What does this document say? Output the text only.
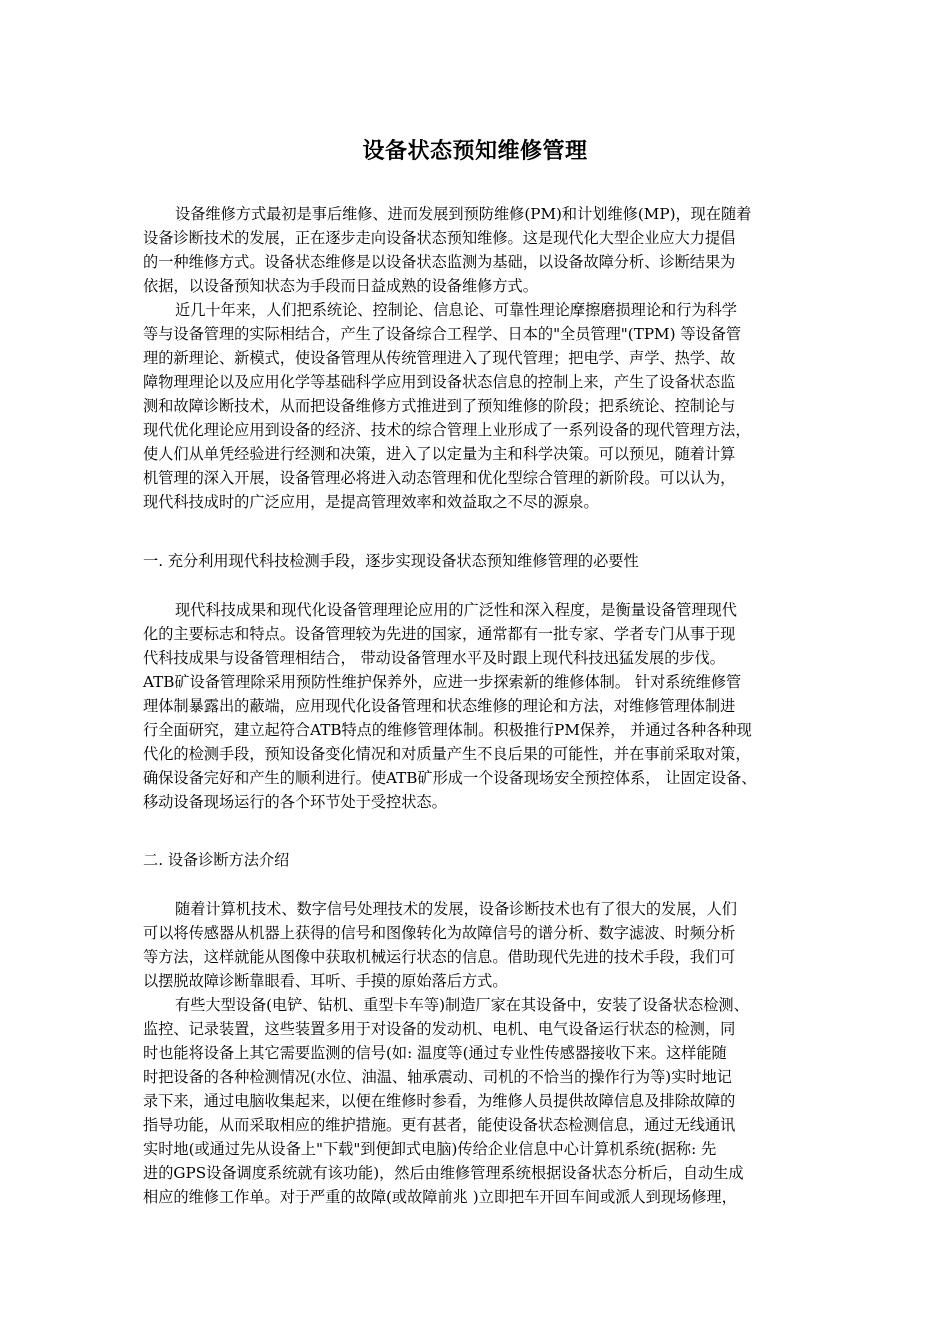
设备状态预知维修管理
设备维修方式最初是事后维修、进而发展到预防维修(PM)和计划维修(MP)，现在随着
设备诊断技术的发展，正在逐步走向设备状态预知维修。这是现代化大型企业应大力提倡
的一种维修方式。设备状态维修是以设备状态监测为基础，以设备故障分析、诊断结果为
依据，以设备预知状态为手段而日益成熟的设备维修方式。
近几十年来，人们把系统论、控制论、信息论、可靠性理论摩擦磨损理论和行为科学
等与设备管理的实际相结合，产生了设备综合工程学、日本的"全员管理"(TPM) 等设备管
理的新理论、新模式，使设备管理从传统管理进入了现代管理；把电学、声学、热学、故
障物理理论以及应用化学等基础科学应用到设备状态信息的控制上来，产生了设备状态监
测和故障诊断技术，从而把设备维修方式推进到了预知维修的阶段；把系统论、控制论与
现代优化理论应用到设备的经济、技术的综合管理上业形成了一系列设备的现代管理方法，
使人们从单凭经验进行经测和决策，进入了以定量为主和科学决策。可以预见，随着计算
机管理的深入开展，设备管理必将进入动态管理和优化型综合管理的新阶段。可以认为，
现代科技成时的广泛应用，是提高管理效率和效益取之不尽的源泉。
一. 充分利用现代科技检测手段，逐步实现设备状态预知维修管理的必要性
现代科技成果和现代化设备管理理论应用的广泛性和深入程度，是衡量设备管理现代
化的主要标志和特点。设备管理较为先进的国家，通常都有一批专家、学者专门从事于现
代科技成果与设备管理相结合， 带动设备管理水平及时跟上现代科技迅猛发展的步伐。
ATB矿设备管理除采用预防性维护保养外，应进一步探索新的维修体制。 针对系统维修管
理体制暴露出的蔽端，应用现代化设备管理和状态维修的理论和方法，对维修管理体制进
行全面研究，建立起符合ATB特点的维修管理体制。积极推行PM保养， 并通过各种各种现
代化的检测手段，预知设备变化情况和对质量产生不良后果的可能性，并在事前采取对策，
确保设备完好和产生的顺利进行。使ATB矿形成一个设备现场安全预控体系， 让固定设备、
移动设备现场运行的各个环节处于受控状态。
二. 设备诊断方法介绍
随着计算机技术、数字信号处理技术的发展，设备诊断技术也有了很大的发展，人们
可以将传感器从机器上获得的信号和图像转化为故障信号的谱分析、数字滤波、时频分析
等方法，这样就能从图像中获取机械运行状态的信息。借助现代先进的技术手段，我们可
以摆脱故障诊断靠眼看、耳听、手摸的原始落后方式。
有些大型设备(电铲、钻机、重型卡车等)制造厂家在其设备中，安装了设备状态检测、
监控、记录装置，这些装置多用于对设备的发动机、电机、电气设备运行状态的检测，同
时也能将设备上其它需要监测的信号(如: 温度等(通过专业性传感器接收下来。这样能随
时把设备的各种检测情况(水位、油温、轴承震动、司机的不恰当的操作行为等)实时地记
录下来，通过电脑收集起来，以便在维修时参看，为维修人员提供故障信息及排除故障的
指导功能，从而采取相应的维护措施。更有甚者，能使设备状态检测信息，通过无线通讯
实时地(或通过先从设备上"下载"到便卸式电脑)传给企业信息中心计算机系统(据称: 先
进的GPS设备调度系统就有该功能)，然后由维修管理系统根据设备状态分析后，自动生成
相应的维修工作单。对于严重的故障(或故障前兆 )立即把车开回车间或派人到现场修理，
